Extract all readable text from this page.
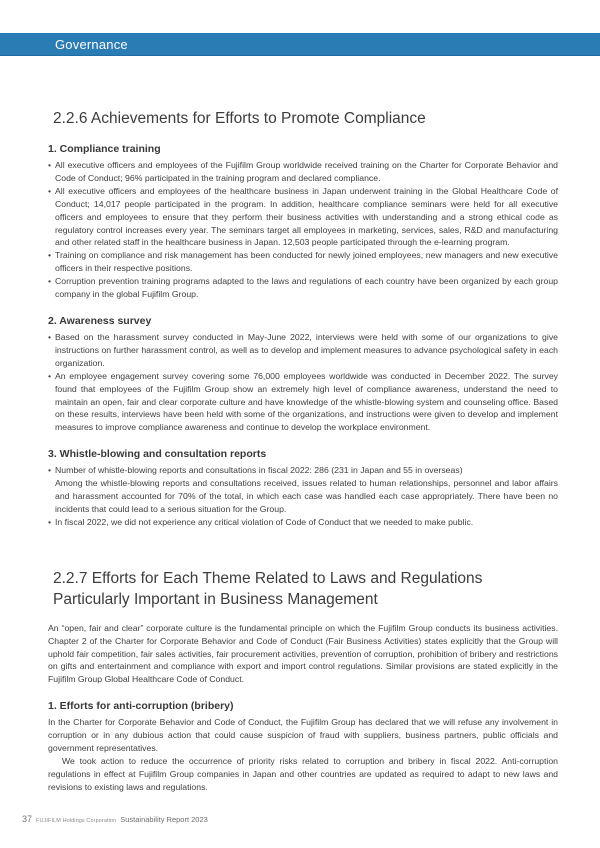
Governance
2.2.6 Achievements for Efforts to Promote Compliance
1. Compliance training
• All executive officers and employees of the Fujifilm Group worldwide received training on the Charter for Corporate Behavior and Code of Conduct; 96% participated in the training program and declared compliance.
• All executive officers and employees of the healthcare business in Japan underwent training in the Global Healthcare Code of Conduct; 14,017 people participated in the program. In addition, healthcare compliance seminars were held for all executive officers and employees to ensure that they perform their business activities with understanding and a strong ethical code as regulatory control increases every year. The seminars target all employees in marketing, services, sales, R&D and manufacturing and other related staff in the healthcare business in Japan. 12,503 people participated through the e-learning program.
• Training on compliance and risk management has been conducted for newly joined employees, new managers and new executive officers in their respective positions.
• Corruption prevention training programs adapted to the laws and regulations of each country have been organized by each group company in the global Fujifilm Group.
2. Awareness survey
• Based on the harassment survey conducted in May-June 2022, interviews were held with some of our organizations to give instructions on further harassment control, as well as to develop and implement measures to advance psychological safety in each organization.
• An employee engagement survey covering some 76,000 employees worldwide was conducted in December 2022. The survey found that employees of the Fujifilm Group show an extremely high level of compliance awareness, understand the need to maintain an open, fair and clear corporate culture and have knowledge of the whistle-blowing system and counseling office. Based on these results, interviews have been held with some of the organizations, and instructions were given to develop and implement measures to improve compliance awareness and continue to develop the workplace environment.
3. Whistle-blowing and consultation reports
• Number of whistle-blowing reports and consultations in fiscal 2022: 286 (231 in Japan and 55 in overseas)

Among the whistle-blowing reports and consultations received, issues related to human relationships, personnel and labor affairs and harassment accounted for 70% of the total, in which each case was handled each case appropriately. There have been no incidents that could lead to a serious situation for the Group.

• In fiscal 2022, we did not experience any critical violation of Code of Conduct that we needed to make public.
2.2.7 Efforts for Each Theme Related to Laws and Regulations Particularly Important in Business Management

An “open, fair and clear” corporate culture is the fundamental principle on which the Fujifilm Group conducts its business activities. Chapter 2 of the Charter for Corporate Behavior and Code of Conduct (Fair Business Activities) states explicitly that the Group will uphold fair competition, fair sales activities, fair procurement activities, prevention of corruption, prohibition of bribery and restrictions on gifts and entertainment and compliance with export and import control regulations. Similar provisions are stated explicitly in the Fujifilm Group Global Healthcare Code of Conduct.

1. Efforts for anti-corruption (bribery)

In the Charter for Corporate Behavior and Code of Conduct, the Fujifilm Group has declared that we will refuse any involvement in corruption or in any dubious action that could cause suspicion of fraud with suppliers, business partners, public officials and government representatives.

We took action to reduce the occurrence of priority risks related to corruption and bribery in fiscal 2022. Anti-corruption regulations in effect at Fujifilm Group companies in Japan and other countries are updated as required to adapt to new laws and revisions to existing laws and regulations.

37 FUJIFILM Holdings Corporation Sustainability Report 2023
